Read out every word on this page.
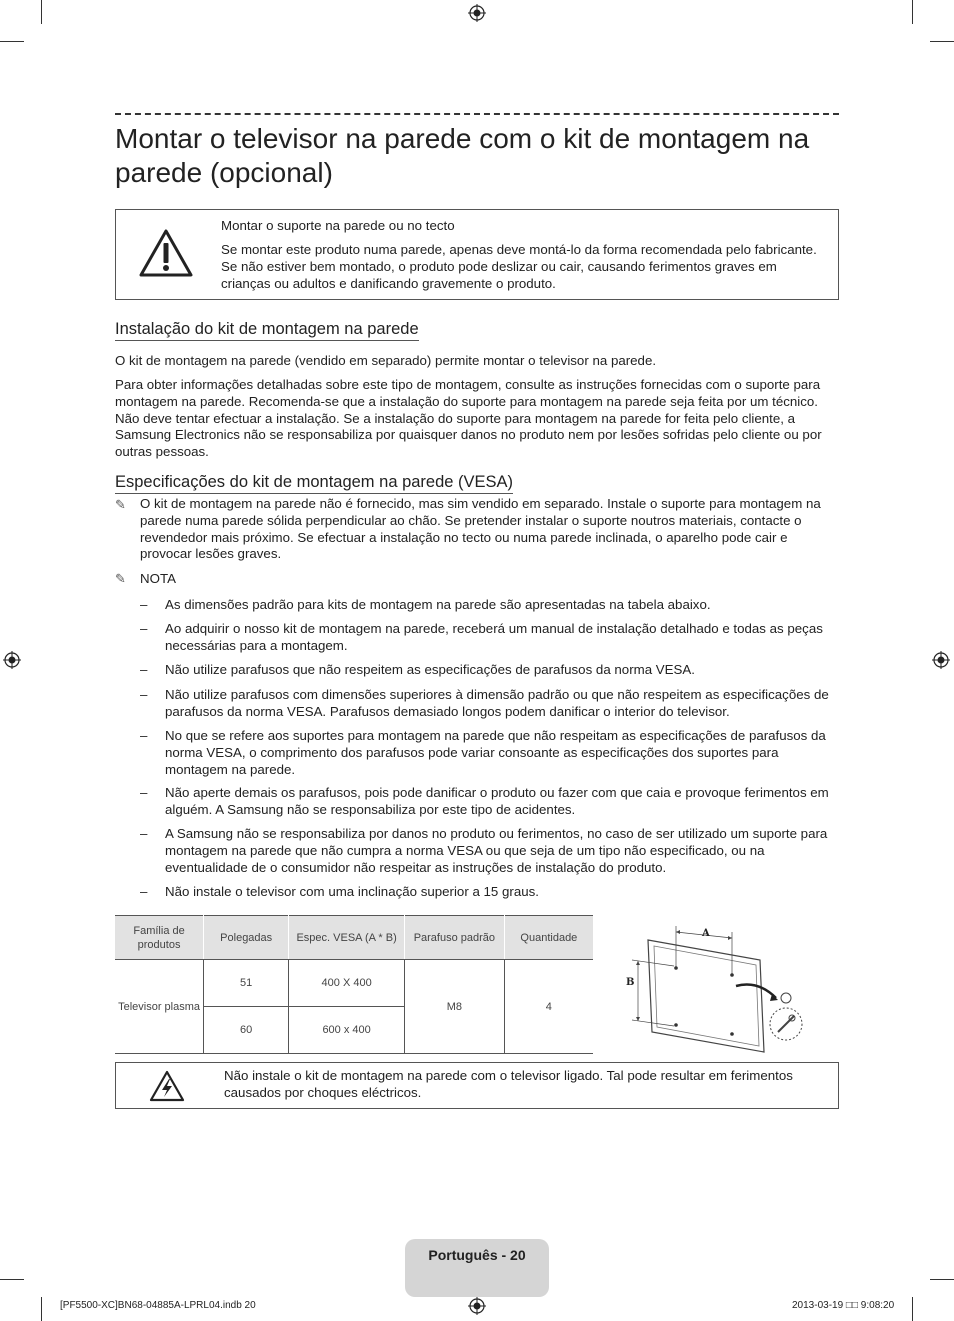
Montar o televisor na parede com o kit de montagem na parede (opcional)
Montar o suporte na parede ou no tecto
Se montar este produto numa parede, apenas deve montá-lo da forma recomendada pelo fabricante. Se não estiver bem montado, o produto pode deslizar ou cair, causando ferimentos graves em crianças ou adultos e danificando gravemente o produto.
Instalação do kit de montagem na parede
O kit de montagem na parede (vendido em separado) permite montar o televisor na parede.
Para obter informações detalhadas sobre este tipo de montagem, consulte as instruções fornecidas com o suporte para montagem na parede. Recomenda-se que a instalação do suporte para montagem na parede seja feita por um técnico. Não deve tentar efectuar a instalação. Se a instalação do suporte para montagem na parede for feita pelo cliente, a Samsung Electronics não se responsabiliza por quaisquer danos no produto nem por lesões sofridas pelo cliente ou por outras pessoas.
Especificações do kit de montagem na parede (VESA)
✎ O kit de montagem na parede não é fornecido, mas sim vendido em separado. Instale o suporte para montagem na parede numa parede sólida perpendicular ao chão. Se pretender instalar o suporte noutros materiais, contacte o revendedor mais próximo. Se efectuar a instalação no tecto ou numa parede inclinada, o aparelho pode cair e provocar lesões graves.
✎ NOTA
– As dimensões padrão para kits de montagem na parede são apresentadas na tabela abaixo.
– Ao adquirir o nosso kit de montagem na parede, receberá um manual de instalação detalhado e todas as peças necessárias para a montagem.
– Não utilize parafusos que não respeitem as especificações de parafusos da norma VESA.
– Não utilize parafusos com dimensões superiores à dimensão padrão ou que não respeitem as especificações de parafusos da norma VESA. Parafusos demasiado longos podem danificar o interior do televisor.
– No que se refere aos suportes para montagem na parede que não respeitam as especificações de parafusos da norma VESA, o comprimento dos parafusos pode variar consoante as especificações dos suportes para montagem na parede.
– Não aperte demais os parafusos, pois pode danificar o produto ou fazer com que caia e provoque ferimentos em alguém. A Samsung não se responsabiliza por este tipo de acidentes.
– A Samsung não se responsabiliza por danos no produto ou ferimentos, no caso de ser utilizado um suporte para montagem na parede que não cumpra a norma VESA ou que seja de um tipo não especificado, ou na eventualidade de o consumidor não respeitar as instruções de instalação do produto.
– Não instale o televisor com uma inclinação superior a 15 graus.
Família de produtos	Polegadas	Espec. VESA (A * B)	Parafuso padrão	Quantidade
Televisor plasma	51	400 X 400	M8	4
	60	600 x 400		
A
B
Não instale o kit de montagem na parede com o televisor ligado. Tal pode resultar em ferimentos causados por choques eléctricos.
Português - 20
[PF5500-XC]BN68-04885A-LPRL04.indb 20	2013-03-19 □□ 9:08:20
